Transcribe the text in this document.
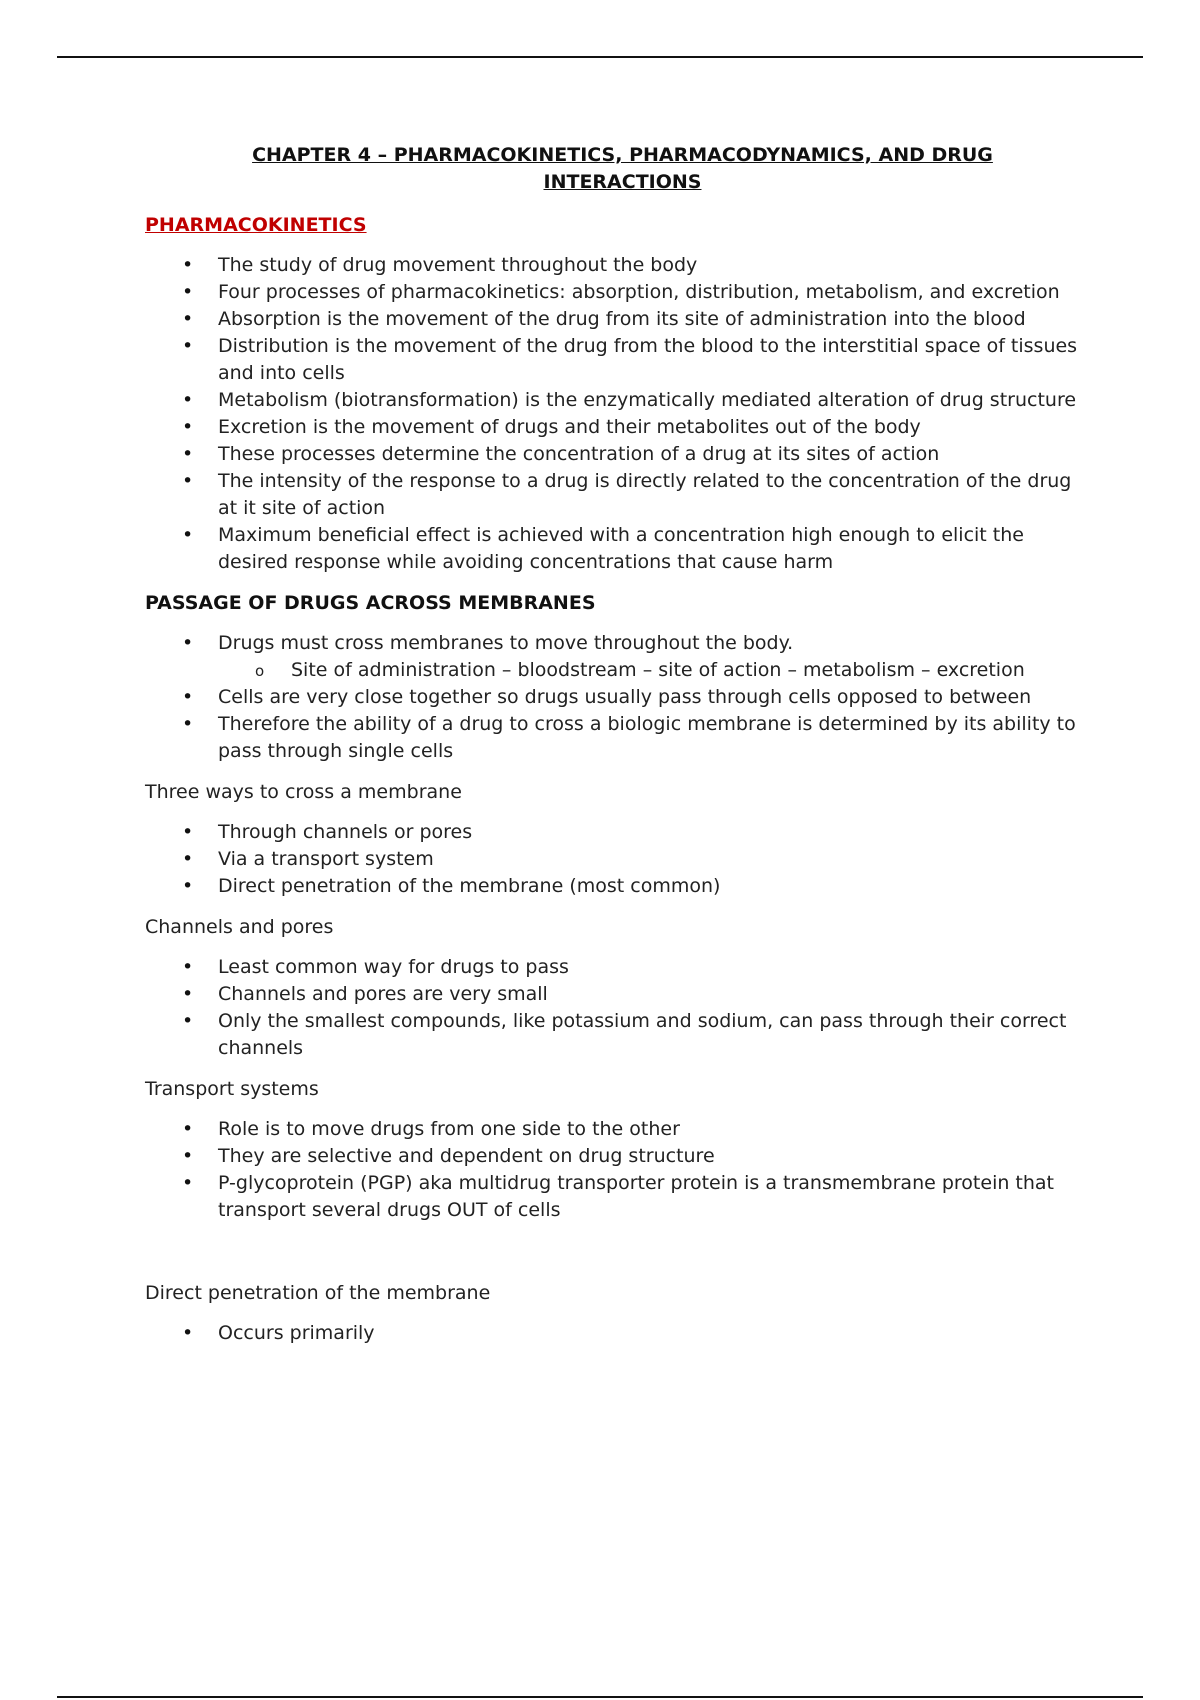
CHAPTER 4 – PHARMACOKINETICS, PHARMACODYNAMICS, AND DRUG
INTERACTIONS
PHARMACOKINETICS
• The study of drug movement throughout the body
• Four processes of pharmacokinetics: absorption, distribution, metabolism, and excretion
• Absorption is the movement of the drug from its site of administration into the blood
• Distribution is the movement of the drug from the blood to the interstitial space of tissues and into cells
• Metabolism (biotransformation) is the enzymatically mediated alteration of drug structure
• Excretion is the movement of drugs and their metabolites out of the body
• These processes determine the concentration of a drug at its sites of action
• The intensity of the response to a drug is directly related to the concentration of the drug at it site of action
• Maximum beneficial effect is achieved with a concentration high enough to elicit the desired response while avoiding concentrations that cause harm
PASSAGE OF DRUGS ACROSS MEMBRANES
• Drugs must cross membranes to move throughout the body.
o Site of administration – bloodstream – site of action – metabolism – excretion
• Cells are very close together so drugs usually pass through cells opposed to between
• Therefore the ability of a drug to cross a biologic membrane is determined by its ability to pass through single cells
Three ways to cross a membrane
• Through channels or pores
• Via a transport system
• Direct penetration of the membrane (most common)
Channels and pores
• Least common way for drugs to pass
• Channels and pores are very small
• Only the smallest compounds, like potassium and sodium, can pass through their correct channels
Transport systems
• Role is to move drugs from one side to the other
• They are selective and dependent on drug structure
• P-glycoprotein (PGP) aka multidrug transporter protein is a transmembrane protein that transport several drugs OUT of cells
Direct penetration of the membrane
• Occurs primarily
